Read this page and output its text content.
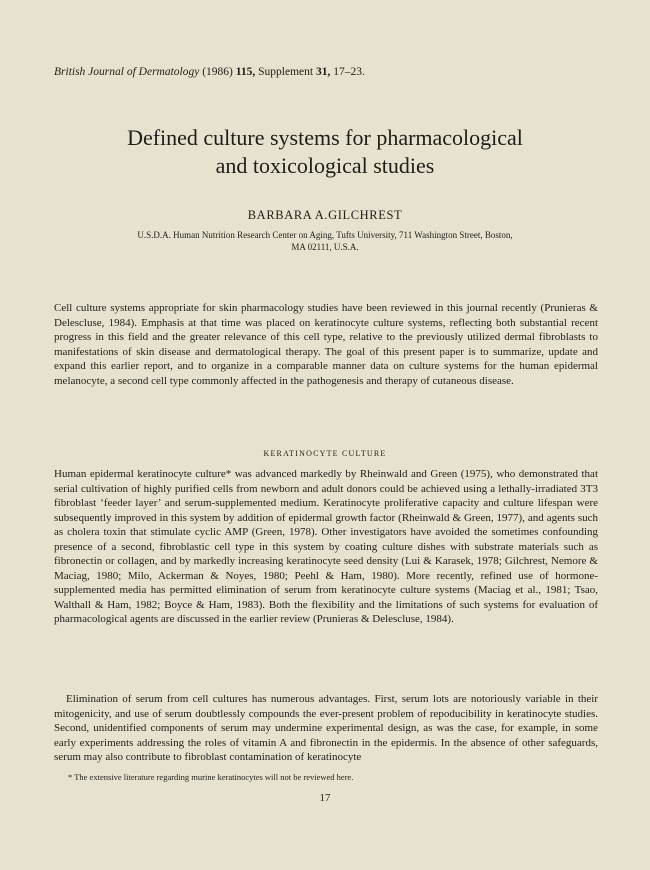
British Journal of Dermatology (1986) 115, Supplement 31, 17–23.
Defined culture systems for pharmacological
and toxicological studies
BARBARA A.GILCHREST
U.S.D.A. Human Nutrition Research Center on Aging, Tufts University, 711 Washington Street, Boston,
MA 02111, U.S.A.

Cell culture systems appropriate for skin pharmacology studies have been reviewed in this journal recently (Prunieras & Delescluse, 1984). Emphasis at that time was placed on keratinocyte culture systems, reflecting both substantial recent progress in this field and the greater relevance of this cell type, relative to the previously utilized dermal fibroblasts to manifestations of skin disease and dermatological therapy. The goal of this present paper is to summarize, update and expand this earlier report, and to organize in a comparable manner data on culture systems for the human epidermal melanocyte, a second cell type commonly affected in the pathogenesis and therapy of cutaneous disease.

KERATINOCYTE CULTURE

Human epidermal keratinocyte culture* was advanced markedly by Rheinwald and Green (1975), who demonstrated that serial cultivation of highly purified cells from newborn and adult donors could be achieved using a lethally-irradiated 3T3 fibroblast ‘feeder layer’ and serum-supplemented medium. Keratinocyte proliferative capacity and culture lifespan were subsequently improved in this system by addition of epidermal growth factor (Rheinwald & Green, 1977), and agents such as cholera toxin that stimulate cyclic AMP (Green, 1978). Other investigators have avoided the sometimes confounding presence of a second, fibroblastic cell type in this system by coating culture dishes with substrate materials such as fibronectin or collagen, and by markedly increasing keratinocyte seed density (Lui & Karasek, 1978; Gilchrest, Nemore & Maciag, 1980; Milo, Ackerman & Noyes, 1980; Peehl & Ham, 1980). More recently, refined use of hormone-supplemented media has permitted elimination of serum from keratinocyte culture systems (Maciag et al., 1981; Tsao, Walthall & Ham, 1982; Boyce & Ham, 1983). Both the flexibility and the limitations of such systems for evaluation of pharmacological agents are discussed in the earlier review (Prunieras & Delescluse, 1984).

Elimination of serum from cell cultures has numerous advantages. First, serum lots are notoriously variable in their mitogenicity, and use of serum doubtlessly compounds the ever-present problem of repoducibility in keratinocyte studies. Second, unidentified components of serum may undermine experimental design, as was the case, for example, in some early experiments addressing the roles of vitamin A and fibronectin in the epidermis. In the absence of other safeguards, serum may also contribute to fibroblast contamination of keratinocyte

* The extensive literature regarding murine keratinocytes will not be reviewed here.
17
